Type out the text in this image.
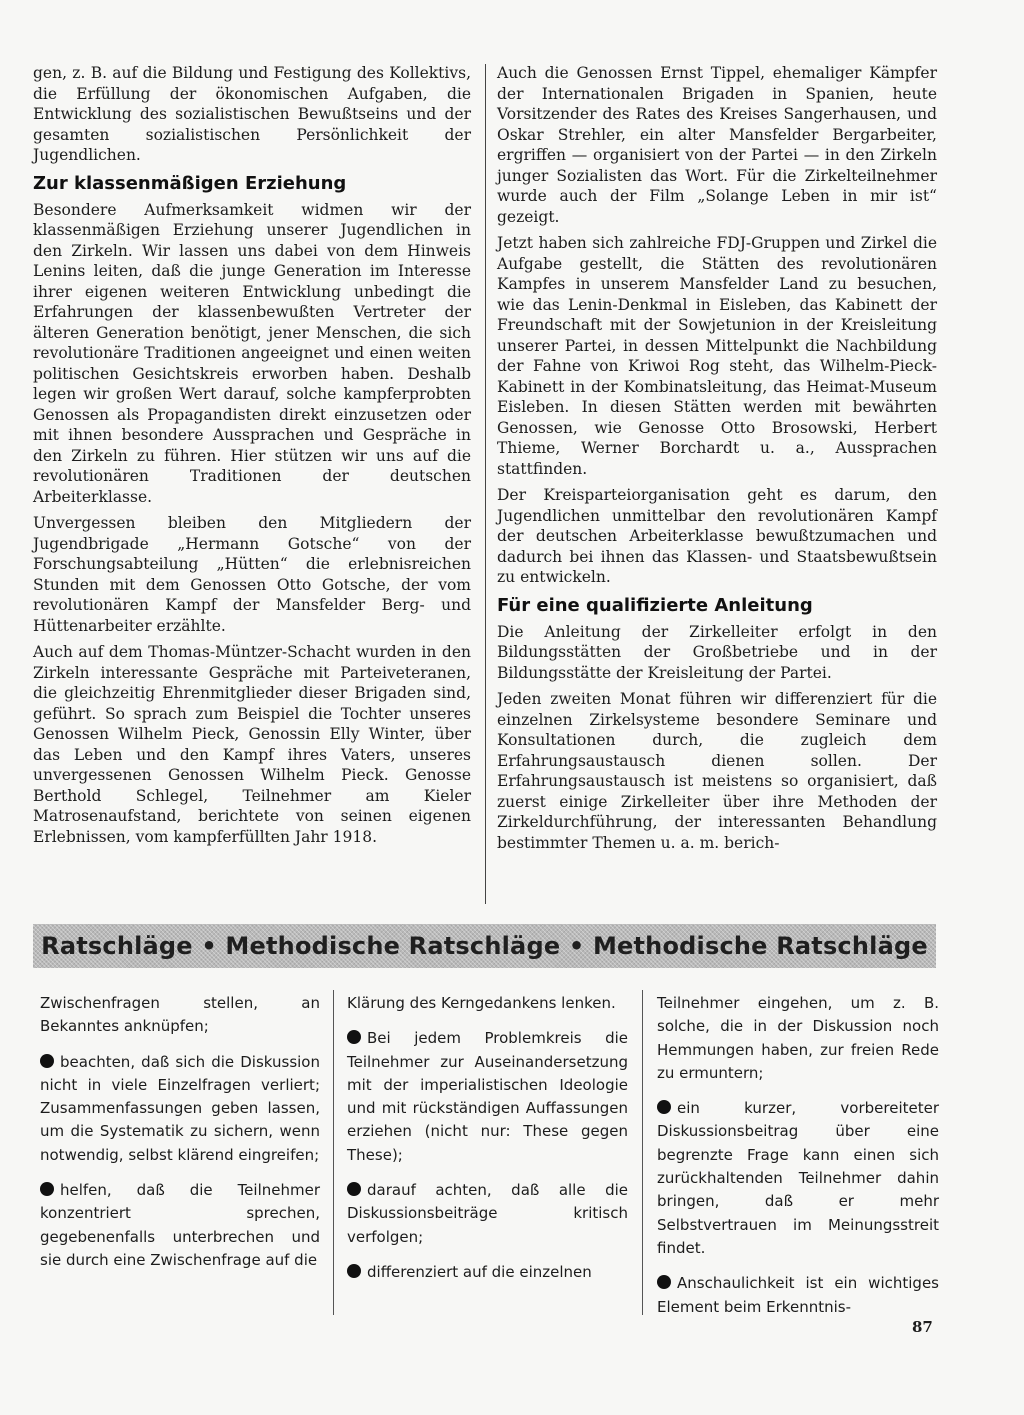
gen, z. B. auf die Bildung und Festigung des Kollektivs, die Erfüllung der ökonomischen Aufgaben, die Entwicklung des sozialistischen Bewußtseins und der gesamten sozialistischen Persönlichkeit der Jugendlichen.

Zur klassenmäßigen Erziehung

Besondere Aufmerksamkeit widmen wir der klassenmäßigen Erziehung unserer Jugendlichen in den Zirkeln. Wir lassen uns dabei von dem Hinweis Lenins leiten, daß die junge Generation im Interesse ihrer eigenen weiteren Entwicklung unbedingt die Erfahrungen der klassenbewußten Vertreter der älteren Generation benötigt, jener Menschen, die sich revolutionäre Traditionen angeeignet und einen weiten politischen Gesichtskreis erworben haben. Deshalb legen wir großen Wert darauf, solche kampferprobten Genossen als Propagandisten direkt einzusetzen oder mit ihnen besondere Aussprachen und Gespräche in den Zirkeln zu führen. Hier stützen wir uns auf die revolutionären Traditionen der deutschen Arbeiterklasse.

Unvergessen bleiben den Mitgliedern der Jugendbrigade „Hermann Gotsche“ von der Forschungsabteilung „Hütten“ die erlebnisreichen Stunden mit dem Genossen Otto Gotsche, der vom revolutionären Kampf der Mansfelder Berg- und Hüttenarbeiter erzählte.

Auch auf dem Thomas-Müntzer-Schacht wurden in den Zirkeln interessante Gespräche mit Parteiveteranen, die gleichzeitig Ehrenmitglieder dieser Brigaden sind, geführt. So sprach zum Beispiel die Tochter unseres Genossen Wilhelm Pieck, Genossin Elly Winter, über das Leben und den Kampf ihres Vaters, unseres unvergessenen Genossen Wilhelm Pieck. Genosse Berthold Schlegel, Teilnehmer am Kieler Matrosenaufstand, berichtete von seinen eigenen Erlebnissen, vom kampferfüllten Jahr 1918.

Auch die Genossen Ernst Tippel, ehemaliger Kämpfer der Internationalen Brigaden in Spanien, heute Vorsitzender des Rates des Kreises Sangerhausen, und Oskar Strehler, ein alter Mansfelder Bergarbeiter, ergriffen — organisiert von der Partei — in den Zirkeln junger Sozialisten das Wort. Für die Zirkelteilnehmer wurde auch der Film „Solange Leben in mir ist“ gezeigt.

Jetzt haben sich zahlreiche FDJ-Gruppen und Zirkel die Aufgabe gestellt, die Stätten des revolutionären Kampfes in unserem Mansfelder Land zu besuchen, wie das Lenin-Denkmal in Eisleben, das Kabinett der Freundschaft mit der Sowjetunion in der Kreisleitung unserer Partei, in dessen Mittelpunkt die Nachbildung der Fahne von Kriwoi Rog steht, das Wilhelm-Pieck-Kabinett in der Kombinatsleitung, das Heimat-Museum Eisleben. In diesen Stätten werden mit bewährten Genossen, wie Genosse Otto Brosowski, Herbert Thieme, Werner Borchardt u. a., Aussprachen stattfinden.

Der Kreisparteiorganisation geht es darum, den Jugendlichen unmittelbar den revolutionären Kampf der deutschen Arbeiterklasse bewußtzumachen und dadurch bei ihnen das Klassen- und Staatsbewußtsein zu entwickeln.

Für eine qualifizierte Anleitung

Die Anleitung der Zirkelleiter erfolgt in den Bildungsstätten der Großbetriebe und in der Bildungsstätte der Kreisleitung der Partei.

Jeden zweiten Monat führen wir differenziert für die einzelnen Zirkelsysteme besondere Seminare und Konsultationen durch, die zugleich dem Erfahrungsaustausch dienen sollen. Der Erfahrungsaustausch ist meistens so organisiert, daß zuerst einige Zirkelleiter über ihre Methoden der Zirkeldurchführung, der interessanten Behandlung bestimmter Themen u. a. m. berich-

Ratschläge • Methodische Ratschläge • Methodische Ratschläge

Zwischenfragen stellen, an Bekanntes anknüpfen;

beachten, daß sich die Diskussion nicht in viele Einzelfragen verliert; Zusammenfassungen geben lassen, um die Systematik zu sichern, wenn notwendig, selbst klärend eingreifen;

helfen, daß die Teilnehmer konzentriert sprechen, gegebenenfalls unterbrechen und sie durch eine Zwischenfrage auf die

Klärung des Kerngedankens lenken.

Bei jedem Problemkreis die Teilnehmer zur Auseinandersetzung mit der imperialistischen Ideologie und mit rückständigen Auffassungen erziehen (nicht nur: These gegen These);

darauf achten, daß alle die Diskussionsbeiträge kritisch verfolgen;

differenziert auf die einzelnen

Teilnehmer eingehen, um z. B. solche, die in der Diskussion noch Hemmungen haben, zur freien Rede zu ermuntern;

ein kurzer, vorbereiteter Diskussionsbeitrag über eine begrenzte Frage kann einen sich zurückhaltenden Teilnehmer dahin bringen, daß er mehr Selbstvertrauen im Meinungsstreit findet.

Anschaulichkeit ist ein wichtiges Element beim Erkenntnis-

87
